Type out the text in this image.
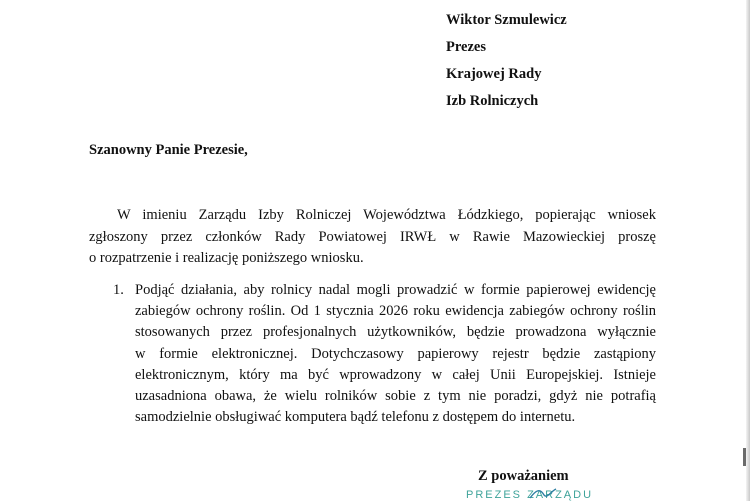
Wiktor Szmulewicz
Prezes
Krajowej Rady
Izb Rolniczych
Szanowny Panie Prezesie,
W imieniu Zarządu Izby Rolniczej Województwa Łódzkiego, popierając wniosek
zgłoszony przez członków Rady Powiatowej IRWŁ w Rawie Mazowieckiej proszę
o rozpatrzenie i realizację poniższego wniosku.
1. Podjąć działania, aby rolnicy nadal mogli prowadzić w formie papierowej ewidencję
zabiegów ochrony roślin. Od 1 stycznia 2026 roku ewidencja zabiegów ochrony roślin
stosowanych przez profesjonalnych użytkowników, będzie prowadzona wyłącznie
w formie elektronicznej. Dotychczasowy papierowy rejestr będzie zastąpiony
elektronicznym, który ma być wprowadzony w całej Unii Europejskiej. Istnieje
uzasadniona obawa, że wielu rolników sobie z tym nie poradzi, gdyż nie potrafią
samodzielnie obsługiwać komputera bądź telefonu z dostępem do internetu.
Z poważaniem
PREZES ZARZĄDU
